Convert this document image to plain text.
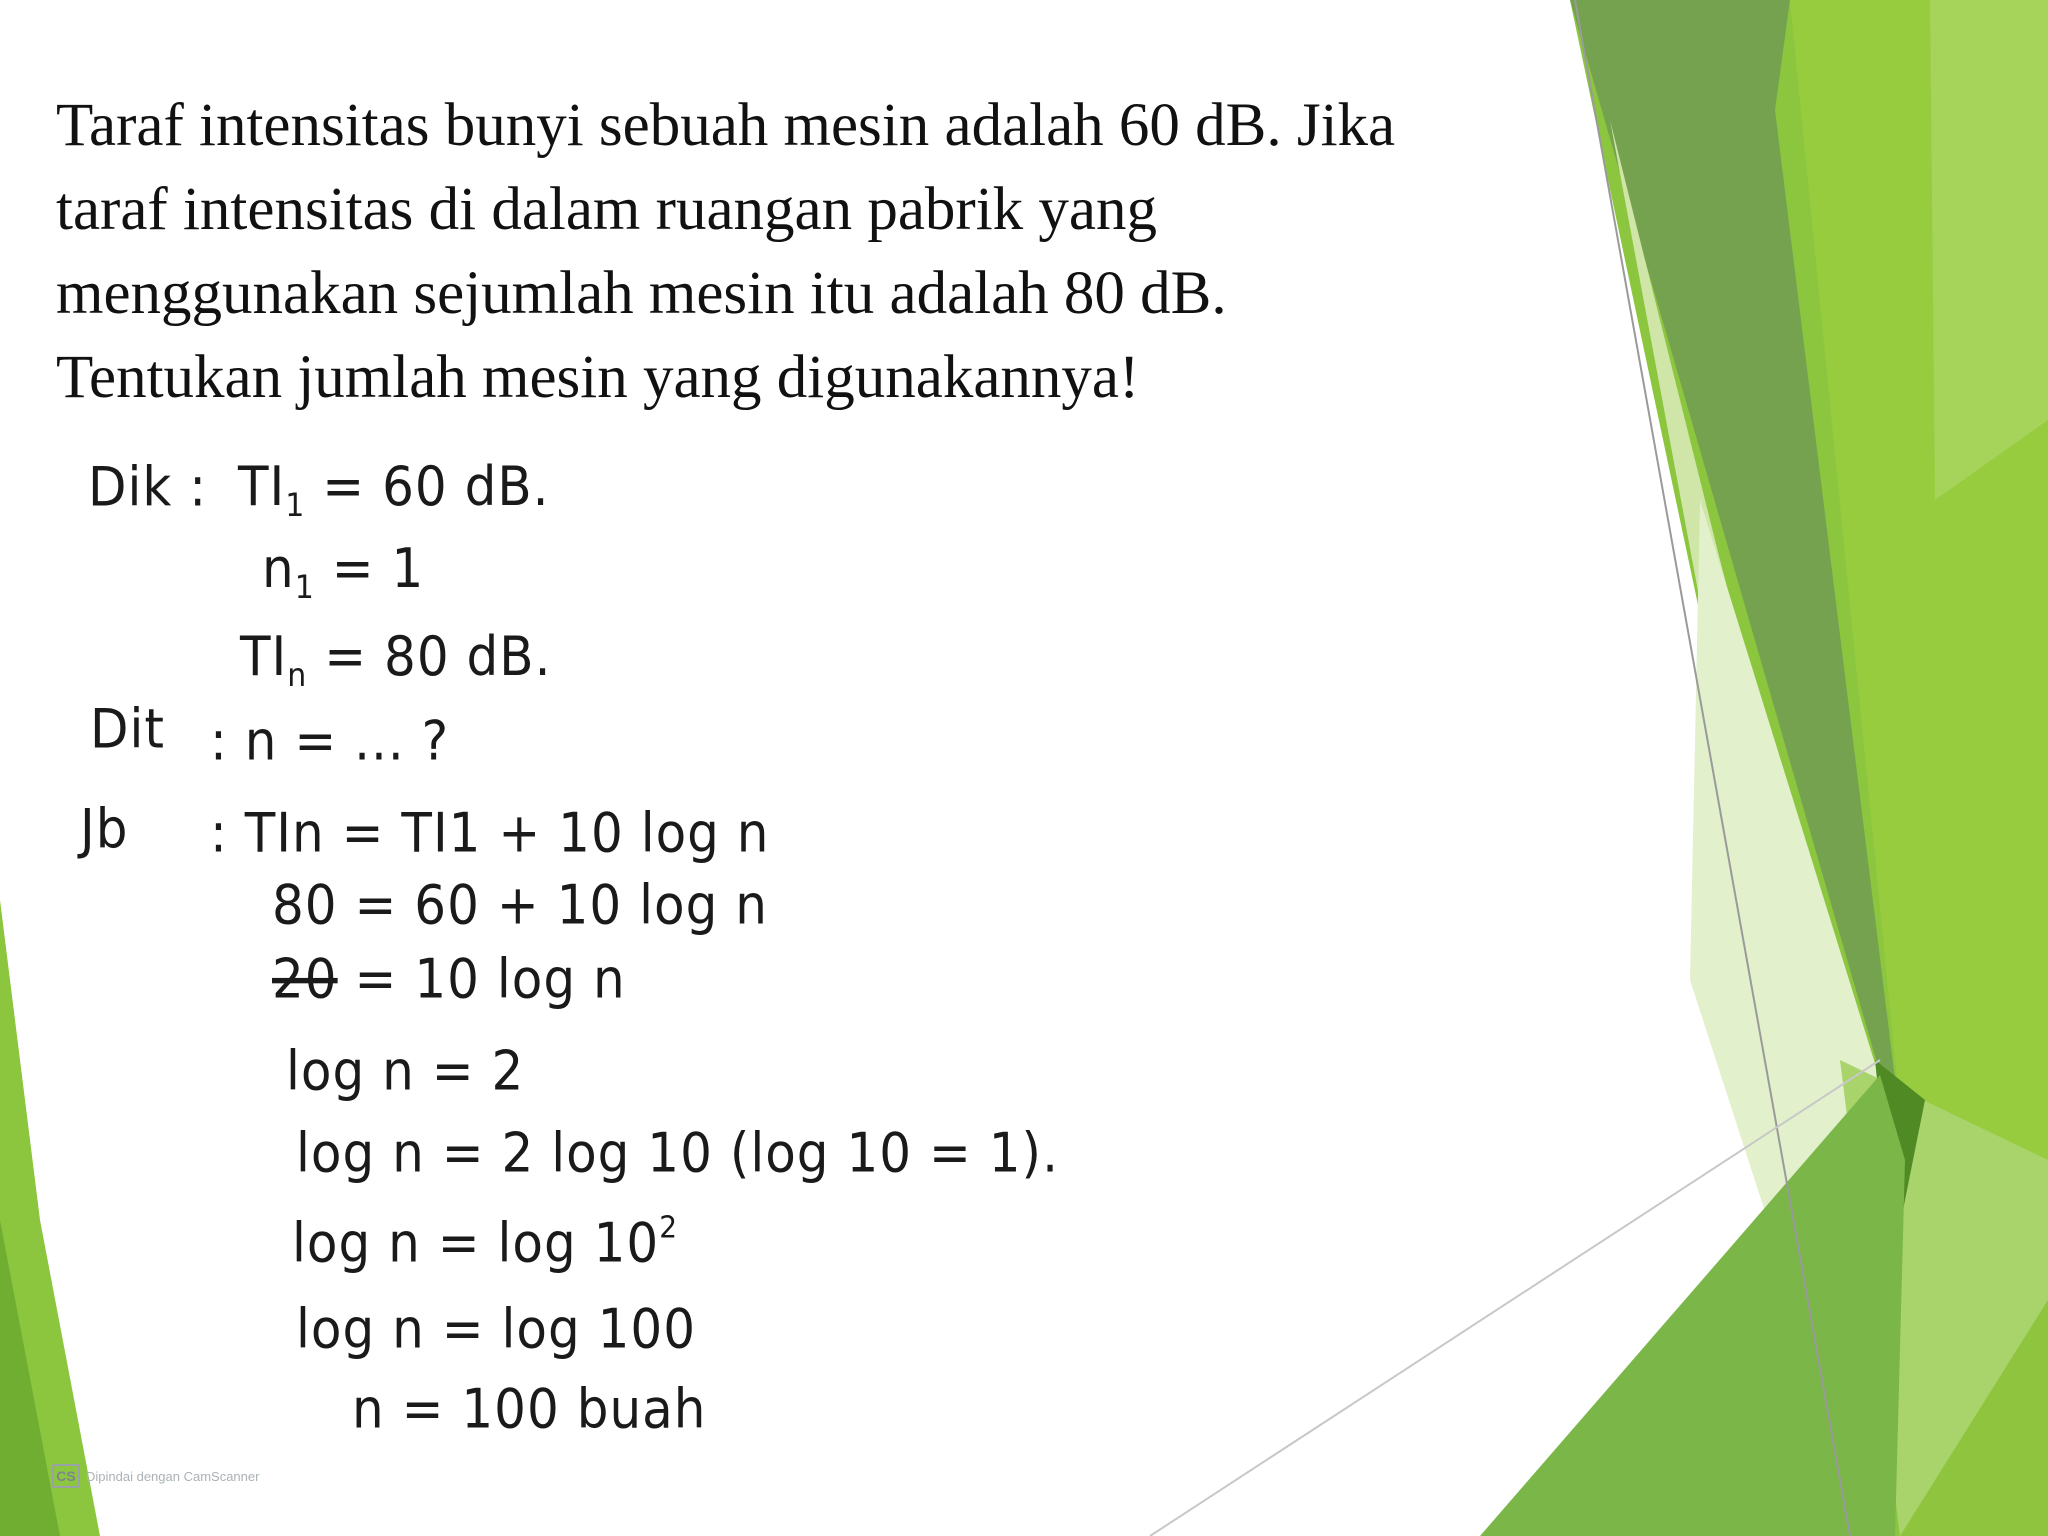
Taraf intensitas bunyi sebuah mesin adalah 60 dB. Jika
taraf intensitas di dalam ruangan pabrik yang
menggunakan sejumlah mesin itu adalah 80 dB.
Tentukan jumlah mesin yang digunakannya!
Dik : $TI_1 = 60$ dB.
$n_1 = 1$
$TI_n = 80$ dB.
Dit : n = ... ?
Jb : TIn = TI1 + 10 log n
80 = 60 + 10 log n
20 = 10 log n
log n = 2
log n = 2 log 10 (log 10 = 1).
$\log n = \log 10^2$
log n = log 100
n = 100 buah
CS Dipindai dengan CamScanner
